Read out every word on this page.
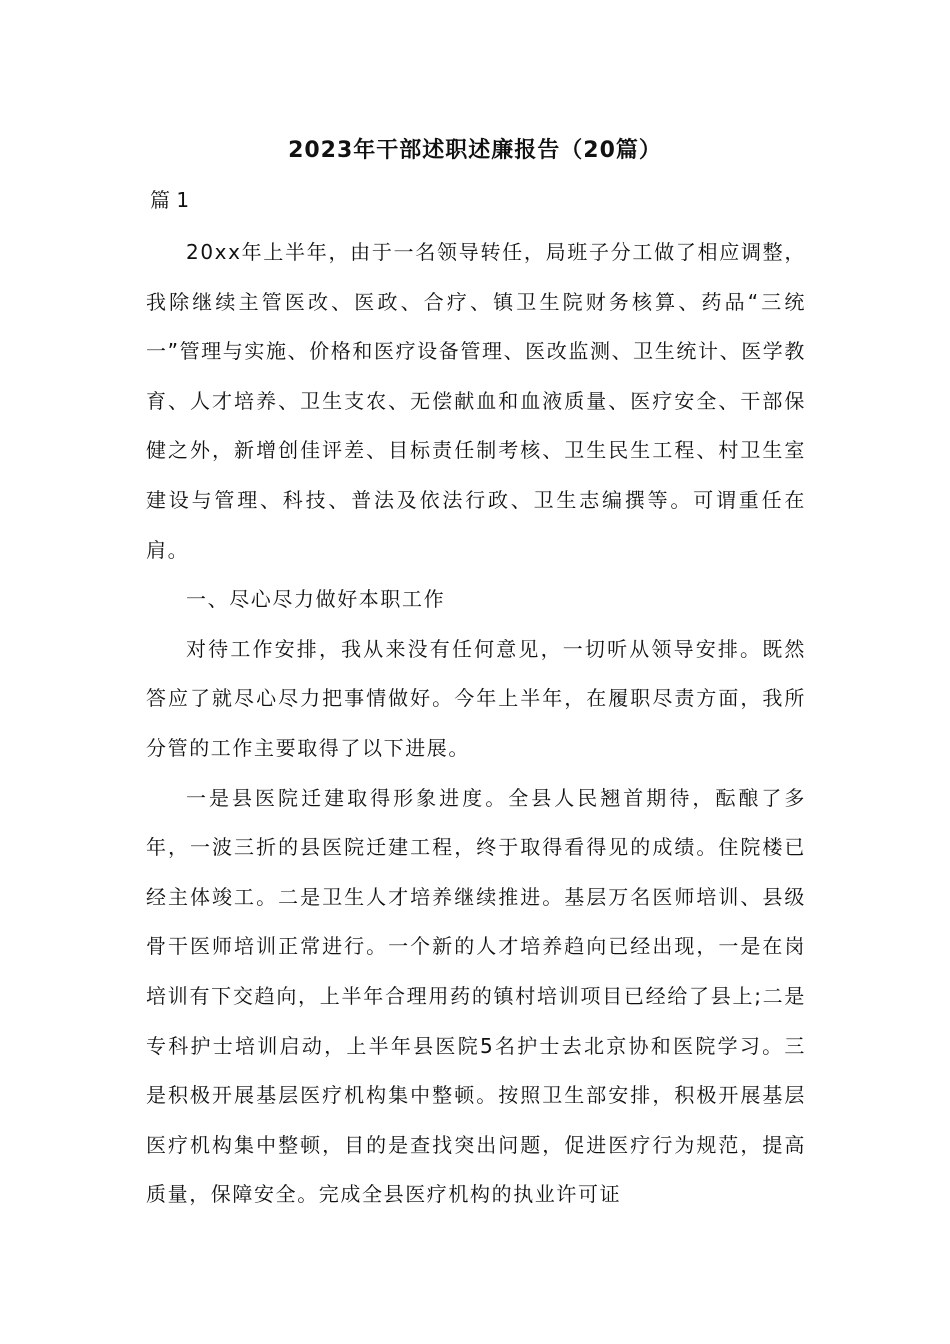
2023年干部述职述廉报告（20篇）
篇 1

20xx年上半年，由于一名领导转任，局班子分工做了相应调整，我除继续主管医改、医政、合疗、镇卫生院财务核算、药品“三统一”管理与实施、价格和医疗设备管理、医改监测、卫生统计、医学教育、人才培养、卫生支农、无偿献血和血液质量、医疗安全、干部保健之外，新增创佳评差、目标责任制考核、卫生民生工程、村卫生室建设与管理、科技、普法及依法行政、卫生志编撰等。可谓重任在肩。

一、尽心尽力做好本职工作

对待工作安排，我从来没有任何意见，一切听从领导安排。既然答应了就尽心尽力把事情做好。今年上半年，在履职尽责方面，我所分管的工作主要取得了以下进展。

一是县医院迁建取得形象进度。全县人民翘首期待，酝酿了多年，一波三折的县医院迁建工程，终于取得看得见的成绩。住院楼已经主体竣工。二是卫生人才培养继续推进。基层万名医师培训、县级骨干医师培训正常进行。一个新的人才培养趋向已经出现，一是在岗培训有下交趋向，上半年合理用药的镇村培训项目已经给了县上;二是专科护士培训启动，上半年县医院5名护士去北京协和医院学习。三是积极开展基层医疗机构集中整顿。按照卫生部安排，积极开展基层医疗机构集中整顿，目的是查找突出问题，促进医疗行为规范，提高质量，保障安全。完成全县医疗机构的执业许可证
